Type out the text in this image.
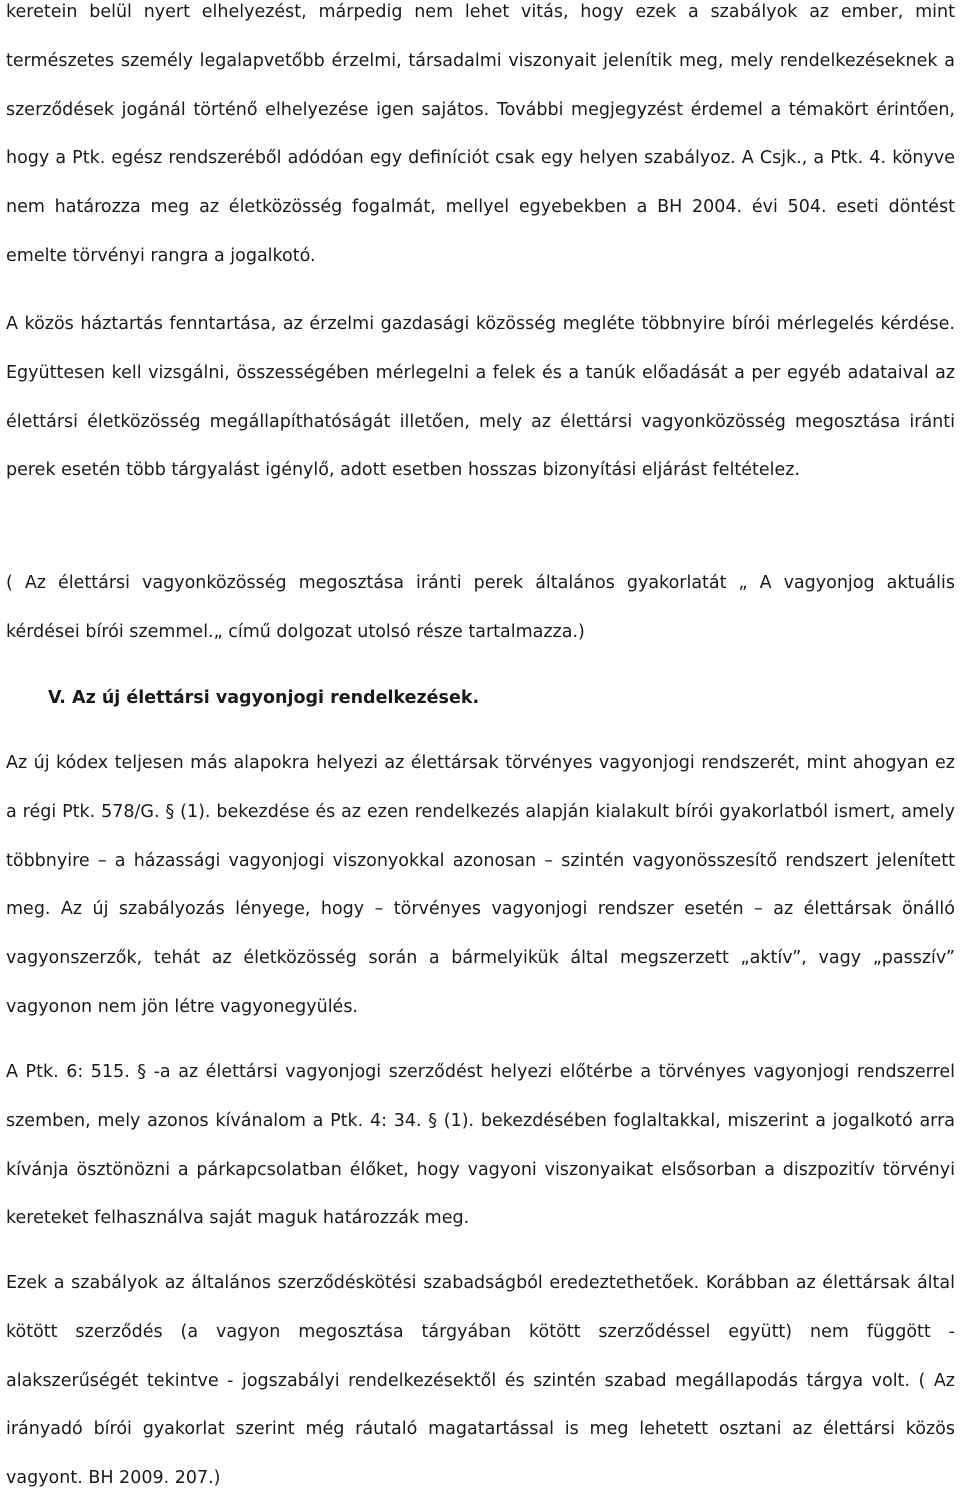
keretein belül nyert elhelyezést, márpedig nem lehet vitás, hogy ezek a szabályok az ember, mint természetes személy legalapvetőbb érzelmi, társadalmi viszonyait jelenítik meg, mely rendelkezéseknek a szerződések jogánál történő elhelyezése igen sajátos. További megjegyzést érdemel a témakört érintően, hogy a Ptk. egész rendszeréből adódóan egy definíciót csak egy helyen szabályoz. A Csjk., a Ptk. 4. könyve nem határozza meg az életközösség fogalmát, mellyel egyebekben a BH 2004. évi 504. eseti döntést emelte törvényi rangra a jogalkotó.

A közös háztartás fenntartása, az érzelmi gazdasági közösség megléte többnyire bírói mérlegelés kérdése. Együttesen kell vizsgálni, összességében mérlegelni a felek és a tanúk előadását a per egyéb adataival az élettársi életközösség megállapíthatóságát illetően, mely az élettársi vagyonközösség megosztása iránti perek esetén több tárgyalást igénylő, adott esetben hosszas bizonyítási eljárást feltételez.

( Az élettársi vagyonközösség megosztása iránti perek általános gyakorlatát „ A vagyonjog aktuális kérdései bírói szemmel.„ című dolgozat utolsó része tartalmazza.)

V. Az új élettársi vagyonjogi rendelkezések.

Az új kódex teljesen más alapokra helyezi az élettársak törvényes vagyonjogi rendszerét, mint ahogyan ez a régi Ptk. 578/G. § (1). bekezdése és az ezen rendelkezés alapján kialakult bírói gyakorlatból ismert, amely többnyire – a házassági vagyonjogi viszonyokkal azonosan – szintén vagyonösszesítő rendszert jelenített meg. Az új szabályozás lényege, hogy – törvényes vagyonjogi rendszer esetén – az élettársak önálló vagyonszerzők, tehát az életközösség során a bármelyikük által megszerzett „aktív”, vagy „passzív” vagyonon nem jön létre vagyonegyülés.

A Ptk. 6: 515. § -a az élettársi vagyonjogi szerződést helyezi előtérbe a törvényes vagyonjogi rendszerrel szemben, mely azonos kívánalom a Ptk. 4: 34. § (1). bekezdésében foglaltakkal, miszerint a jogalkotó arra kívánja ösztönözni a párkapcsolatban élőket, hogy vagyoni viszonyaikat elsősorban a diszpozitív törvényi kereteket felhasználva saját maguk határozzák meg.

Ezek a szabályok az általános szerződéskötési szabadságból eredeztethetőek. Korábban az élettársak által kötött szerződés (a vagyon megosztása tárgyában kötött szerződéssel együtt) nem függött - alakszerűségét tekintve - jogszabályi rendelkezésektől és szintén szabad megállapodás tárgya volt. ( Az irányadó bírói gyakorlat szerint még ráutaló magatartással is meg lehetett osztani az élettársi közös vagyont. BH 2009. 207.)
